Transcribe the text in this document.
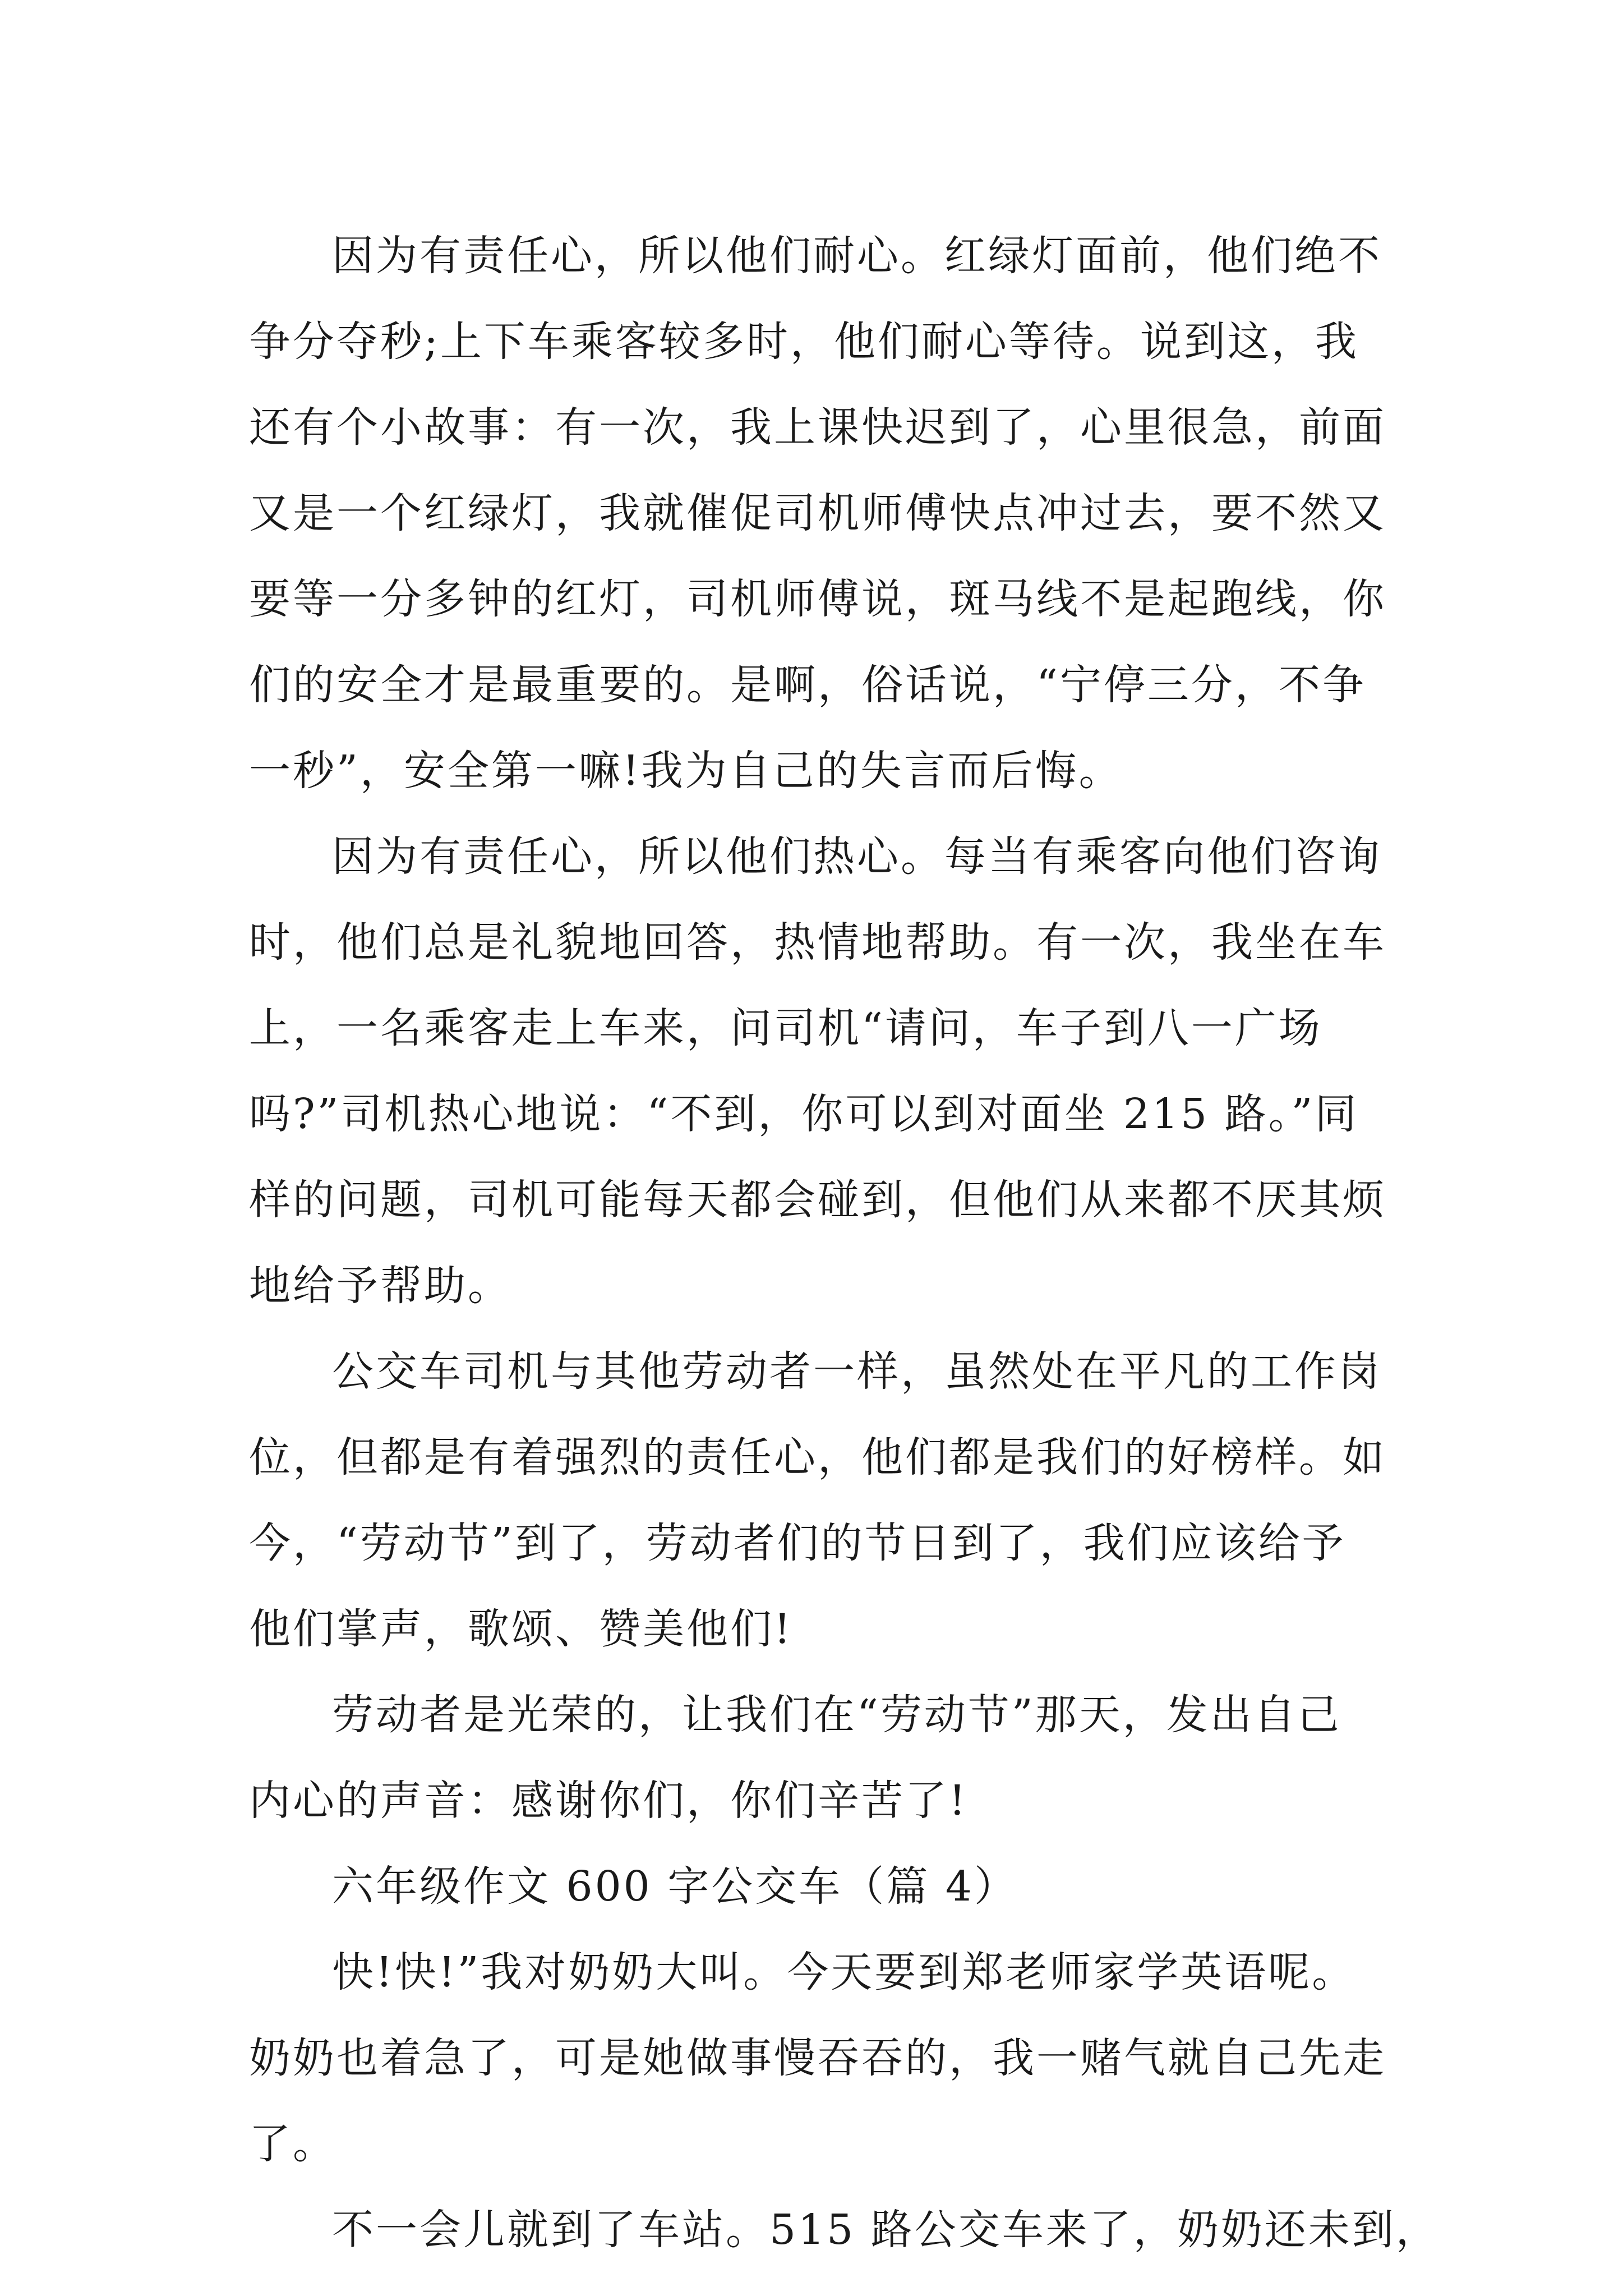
因为有责任心，所以他们耐心。红绿灯面前，他们绝不
争分夺秒;上下车乘客较多时，他们耐心等待。说到这，我
还有个小故事：有一次，我上课快迟到了，心里很急，前面
又是一个红绿灯，我就催促司机师傅快点冲过去，要不然又
要等一分多钟的红灯，司机师傅说，斑马线不是起跑线，你
们的安全才是最重要的。是啊，俗话说，“宁停三分，不争
一秒”，安全第一嘛!我为自己的失言而后悔。
因为有责任心，所以他们热心。每当有乘客向他们咨询
时，他们总是礼貌地回答，热情地帮助。有一次，我坐在车
上，一名乘客走上车来，问司机“请问，车子到八一广场
吗?”司机热心地说：“不到，你可以到对面坐 215 路。”同
样的问题，司机可能每天都会碰到，但他们从来都不厌其烦
地给予帮助。
公交车司机与其他劳动者一样，虽然处在平凡的工作岗
位，但都是有着强烈的责任心，他们都是我们的好榜样。如
今，“劳动节”到了，劳动者们的节日到了，我们应该给予
他们掌声，歌颂、赞美他们!
劳动者是光荣的，让我们在“劳动节”那天，发出自己
内心的声音：感谢你们，你们辛苦了!
六年级作文 600 字公交车（篇 4）
快!快!”我对奶奶大叫。今天要到郑老师家学英语呢。
奶奶也着急了，可是她做事慢吞吞的，我一赌气就自己先走
了。
不一会儿就到了车站。515 路公交车来了，奶奶还未到，
